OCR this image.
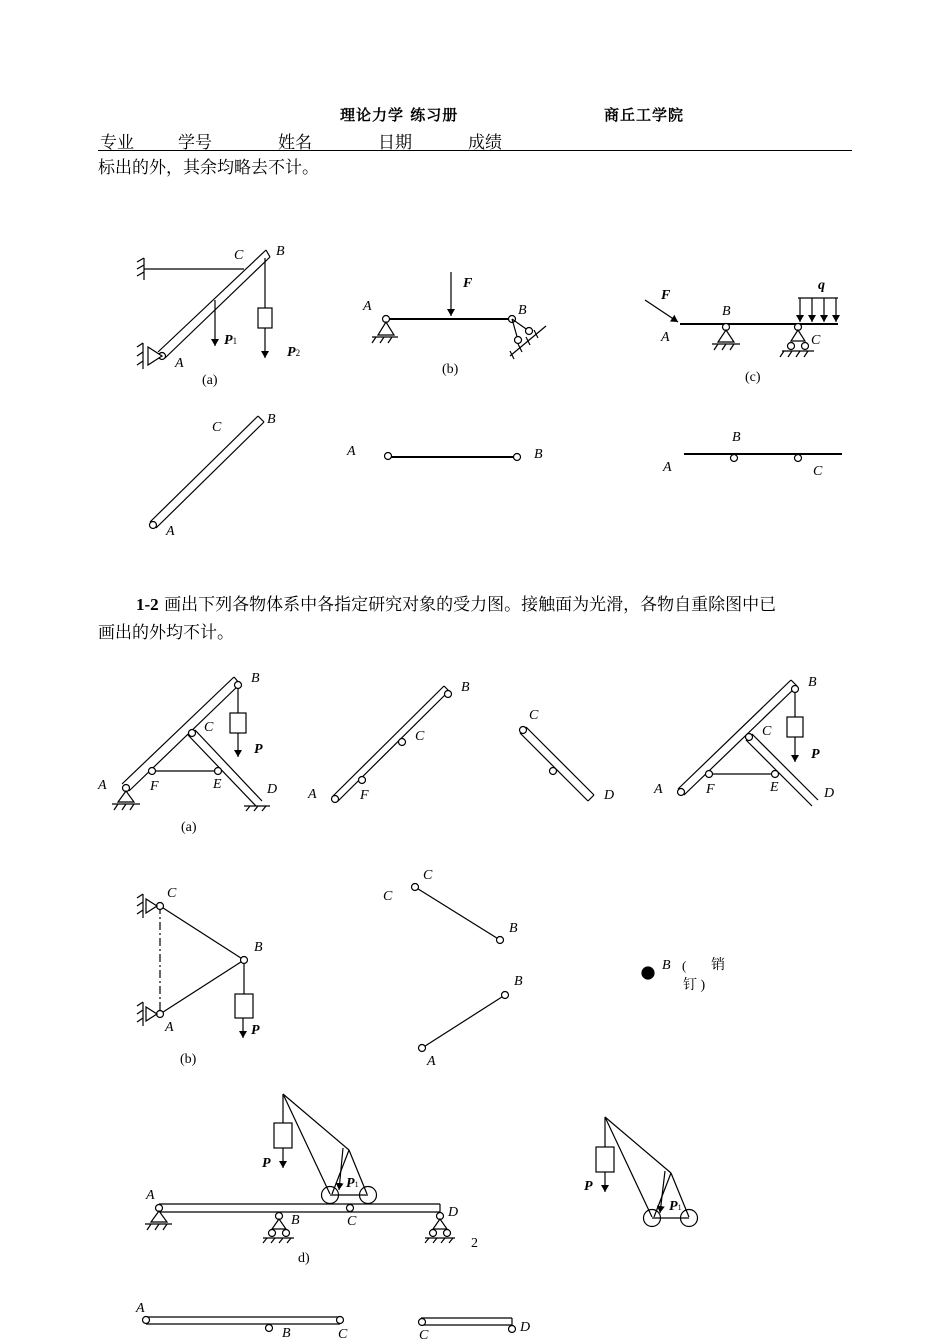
理论力学 练习册	商丘工学院
专业	学号	姓名	日期	成绩
标出的外，其余均略去不计。
1-2 画出下列各物体系中各指定研究对象的受力图。接触面为光滑，各物自重除图中已
画出的外均不计。
C B
A
P1
P2
(a)
C
B
A
F
A	B
(b)
A	B
F
q
B
A	C
(c)
B
A	C
B
P
C
A	F	E	D
(a)
B
C
F
A
C
D
B
P
C
A	F	E	D
C
B
A	P
(b)
C
C
B
B
A
B ( 销
钉 )
P
P1
A
D
B	C
d)
2
P
P1
A
B	C	C
D
